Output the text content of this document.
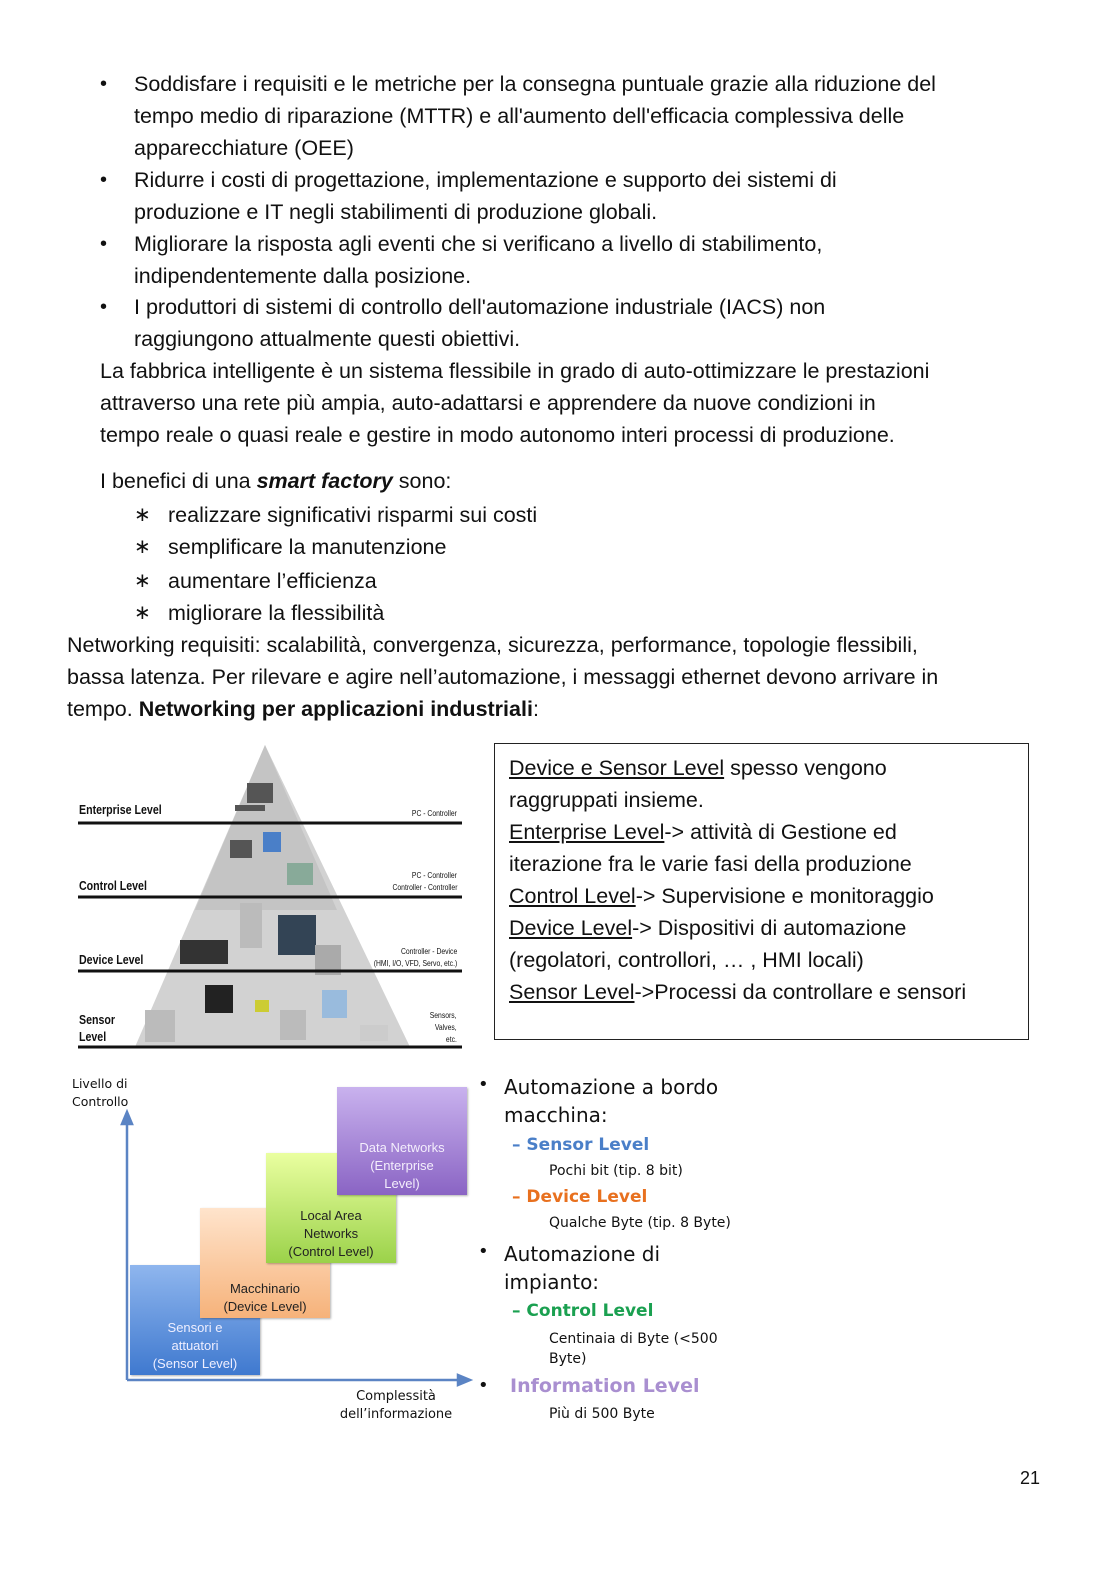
• Soddisfare i requisiti e le metriche per la consegna puntuale grazie alla riduzione del
tempo medio di riparazione (MTTR) e all'aumento dell'efficacia complessiva delle
apparecchiature (OEE)
• Ridurre i costi di progettazione, implementazione e supporto dei sistemi di
produzione e IT negli stabilimenti di produzione globali.
• Migliorare la risposta agli eventi che si verificano a livello di stabilimento,
indipendentemente dalla posizione.
• I produttori di sistemi di controllo dell'automazione industriale (IACS) non
raggiungono attualmente questi obiettivi.
La fabbrica intelligente è un sistema flessibile in grado di auto-ottimizzare le prestazioni
attraverso una rete più ampia, auto-adattarsi e apprendere da nuove condizioni in
tempo reale o quasi reale e gestire in modo autonomo interi processi di produzione.
I benefici di una smart factory sono:
∗ realizzare significativi risparmi sui costi
∗ semplificare la manutenzione
∗ aumentare l’efficienza
∗ migliorare la flessibilità
Networking requisiti: scalabilità, convergenza, sicurezza, performance, topologie flessibili,
bassa latenza. Per rilevare e agire nell’automazione, i messaggi ethernet devono arrivare in
tempo. Networking per applicazioni industriali:
Enterprise Level
Control Level
Device Level
Sensor
Level
PC - Controller
PC - Controller
Controller - Controller
Controller - Device
(HMI, I/O, VFD, Servo, etc.)
Sensors,
Valves,
etc.
Device e Sensor Level spesso vengono
raggruppati insieme.
Enterprise Level-> attività di Gestione ed
iterazione fra le varie fasi della produzione
Control Level-> Supervisione e monitoraggio
Device Level-> Dispositivi di automazione
(regolatori, controllori, … , HMI locali)
Sensor Level->Processi da controllare e sensori
Livello di
Controllo
Sensori e
attuatori
(Sensor Level)
Macchinario
(Device Level)
Local Area
Networks
(Control Level)
Data Networks
(Enterprise
Level)
Complessità
dell’informazione
• Automazione a bordo
macchina:
– Sensor Level
Pochi bit (tip. 8 bit)
– Device Level
Qualche Byte (tip. 8 Byte)
• Automazione di
impianto:
– Control Level
Centinaia di Byte (<500
Byte)
• Information Level
Più di 500 Byte
21
